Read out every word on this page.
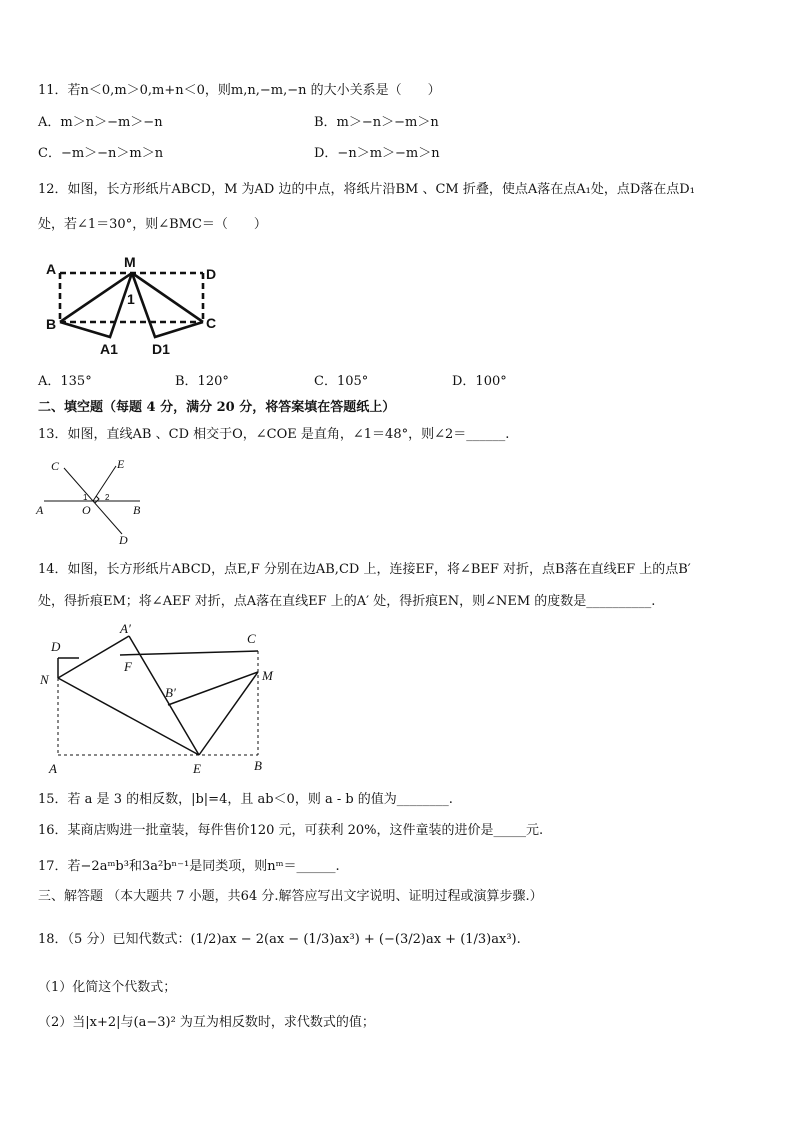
11．若n＜0,m＞0,m+n＜0，则m,n,−m,−n 的大小关系是（　　）
A．m＞n＞−m＞−n	B．m＞−n＞−m＞n
C．−m＞−n＞m＞n	D．−n＞m＞−m＞n
12．如图，长方形纸片ABCD，M 为AD 边的中点，将纸片沿BM 、CM 折叠，使点A落在点A₁处，点D落在点D₁
处，若∠1＝30°，则∠BMC＝（　　）
A	M
D
B	C
A1 D1
1
A．135°	B．120°	C．105°	D．100°
二、填空题（每题 4 分，满分 20 分，将答案填在答题纸上）
13．如图，直线AB 、CD 相交于O，∠COE 是直角，∠1＝48°，则∠2＝______.
C	E
A	O	B
D
1 2
14．如图，长方形纸片ABCD，点E,F 分别在边AB,CD 上，连接EF，将∠BEF 对折，点B落在直线EF 上的点B′
处，得折痕EM；将∠AEF 对折，点A落在直线EF 上的A′ 处，得折痕EN，则∠NEM 的度数是__________.
D
A′
C
F
N
B′
M
A	E	B
15．若 a 是 3 的相反数，|b|=4，且 ab＜0，则 a - b 的值为________.
16．某商店购进一批童装，每件售价120 元，可获利 20%，这件童装的进价是_____元.
17．若−2aᵐb³和3a²bⁿ⁻¹是同类项，则nᵐ＝______.
三、解答题 （本大题共 7 小题，共64 分.解答应写出文字说明、证明过程或演算步骤.）
18．（5 分）已知代数式：(1/2)ax − 2(ax − (1/3)ax³) + (−(3/2)ax + (1/3)ax³).
（1）化简这个代数式；
（2）当|x+2|与(a−3)² 为互为相反数时，求代数式的值；
